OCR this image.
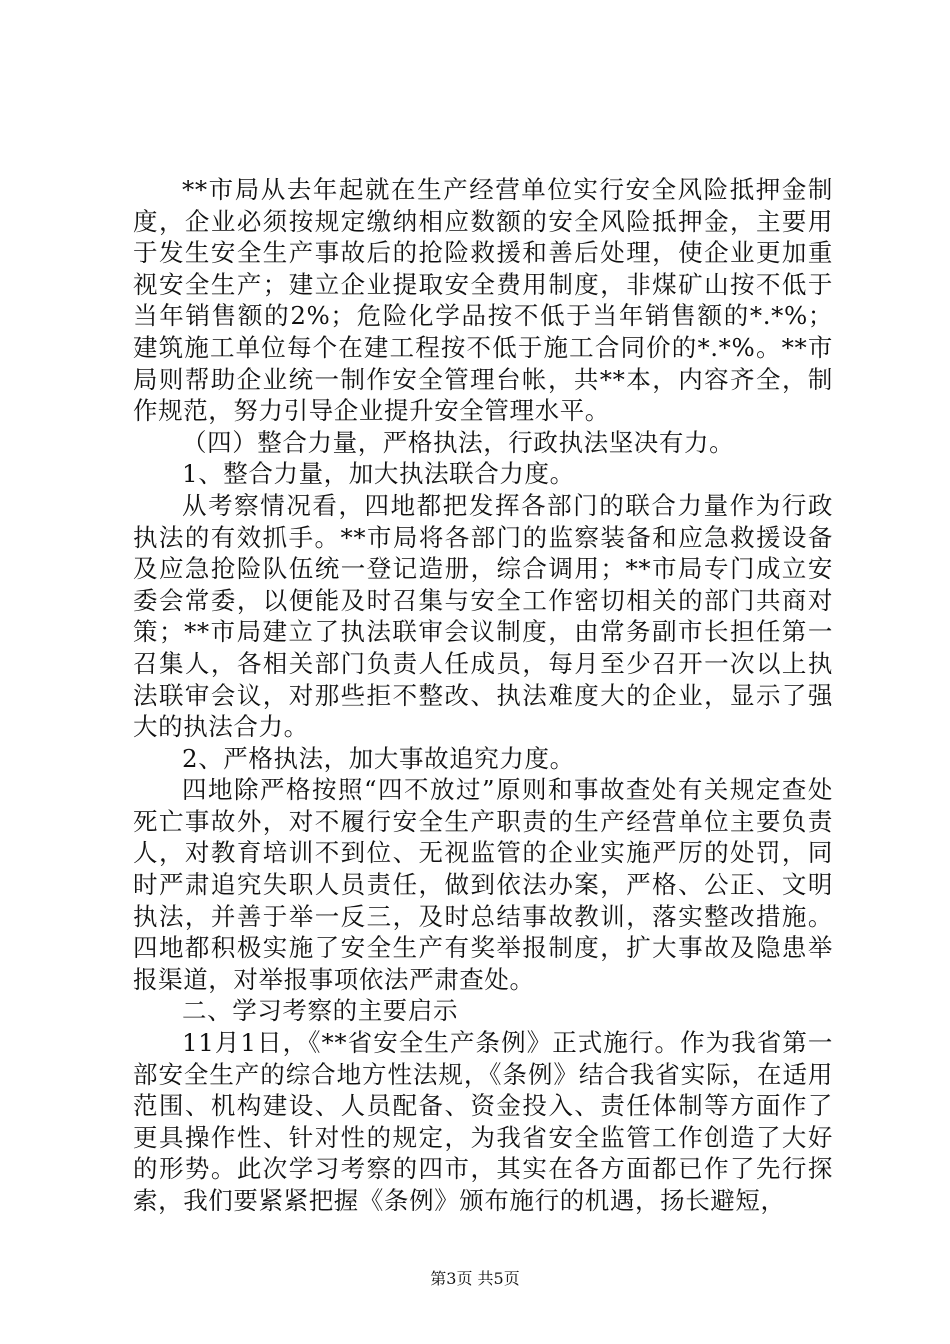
**市局从去年起就在生产经营单位实行安全风险抵押金制度，企业必须按规定缴纳相应数额的安全风险抵押金，主要用于发生安全生产事故后的抢险救援和善后处理，使企业更加重视安全生产；建立企业提取安全费用制度，非煤矿山按不低于当年销售额的2%；危险化学品按不低于当年销售额的*.*%；建筑施工单位每个在建工程按不低于施工合同价的*.*%。**市局则帮助企业统一制作安全管理台帐，共**本，内容齐全，制作规范，努力引导企业提升安全管理水平。

（四）整合力量，严格执法，行政执法坚决有力。

1、整合力量，加大执法联合力度。

从考察情况看，四地都把发挥各部门的联合力量作为行政执法的有效抓手。**市局将各部门的监察装备和应急救援设备及应急抢险队伍统一登记造册，综合调用；**市局专门成立安委会常委，以便能及时召集与安全工作密切相关的部门共商对策；**市局建立了执法联审会议制度，由常务副市长担任第一召集人，各相关部门负责人任成员，每月至少召开一次以上执法联审会议，对那些拒不整改、执法难度大的企业，显示了强大的执法合力。

2、严格执法，加大事故追究力度。

四地除严格按照“四不放过”原则和事故查处有关规定查处死亡事故外，对不履行安全生产职责的生产经营单位主要负责人，对教育培训不到位、无视监管的企业实施严厉的处罚，同时严肃追究失职人员责任，做到依法办案，严格、公正、文明执法，并善于举一反三，及时总结事故教训，落实整改措施。四地都积极实施了安全生产有奖举报制度，扩大事故及隐患举报渠道，对举报事项依法严肃查处。

二、学习考察的主要启示

11月1日，《**省安全生产条例》正式施行。作为我省第一部安全生产的综合地方性法规，《条例》结合我省实际，在适用范围、机构建设、人员配备、资金投入、责任体制等方面作了更具操作性、针对性的规定，为我省安全监管工作创造了大好的形势。此次学习考察的四市，其实在各方面都已作了先行探索，我们要紧紧把握《条例》颁布施行的机遇，扬长避短，

第3页 共5页
